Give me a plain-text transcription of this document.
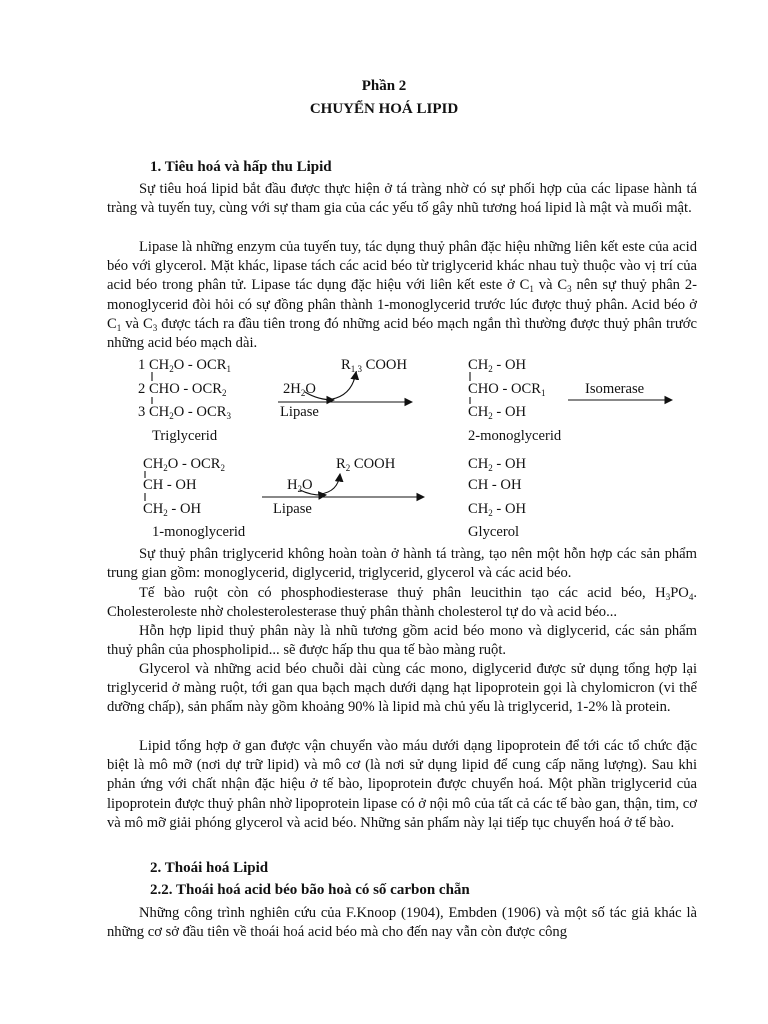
Phần 2
CHUYỂN HOÁ LIPID
1. Tiêu hoá và hấp thu Lipid
Sự tiêu hoá lipid bắt đầu được thực hiện ở tá tràng nhờ có sự phối hợp của các lipase hành tá tràng và tuyến tuy, cùng với sự tham gia của các yếu tố gây nhũ tương hoá lipid là mật và muối mật.
Lipase là những enzym của tuyến tuy, tác dụng thuỷ phân đặc hiệu những liên kết este của acid béo với glycerol. Mặt khác, lipase tách các acid béo từ triglycerid khác nhau tuỳ thuộc vào vị trí của acid béo trong phân tử. Lipase tác dụng đặc hiệu với liên kết este ở $C_1$ và $C_3$ nên sự thuỷ phân 2- monoglycerid đòi hỏi có sự đồng phân thành 1-monoglycerid trước lúc được thuỷ phân. Acid béo ở $C_1$ và $C_3$ được tách ra đầu tiên trong đó những acid béo mạch ngắn thì thường được thuỷ phân trước những acid béo mạch dài.
1 $CH_2O - OCR_1$
2 CHO - $OCR_2$
3 $CH_2O - OCR_3$
Triglycerid
$R_{1,3}$ COOH
$2H_2O$
Lipase
$CH_2$ - OH
CHO - $OCR_1$
$CH_2$ - OH
2-monoglycerid
Isomerase
$CH_2O - OCR_2$
CH - OH
$CH_2$ - OH
1-monoglycerid
$R_2$ COOH
$H_2O$
Lipase
$CH_2$ - OH
CH - OH
$CH_2$ - OH
Glycerol
Sự thuỷ phân triglycerid không hoàn toàn ở hành tá tràng, tạo nên một hỗn hợp các sản phẩm trung gian gồm: monoglycerid, diglycerid, triglycerid, glycerol và các acid béo.
Tế bào ruột còn có phosphodiesterase thuỷ phân leucithin tạo các acid béo, $H_3PO_4$. Cholesteroleste nhờ cholesterolesterase thuỷ phân thành cholesterol tự do và acid béo...
Hỗn hợp lipid thuỷ phân này là nhũ tương gồm acid béo mono và diglycerid, các sản phẩm thuỷ phân của phospholipid... sẽ được hấp thu qua tế bào màng ruột.
Glycerol và những acid béo chuỗi dài cùng các mono, diglycerid được sử dụng tổng hợp lại triglycerid ở màng ruột, tới gan qua bạch mạch dưới dạng hạt lipoprotein gọi là chylomicron (vi thể dưỡng chấp), sản phẩm này gồm khoảng 90% là lipid mà chủ yếu là triglycerid, 1-2% là protein.
Lipid tổng hợp ở gan được vận chuyển vào máu dưới dạng lipoprotein để tới các tổ chức đặc biệt là mô mỡ (nơi dự trữ lipid) và mô cơ (là nơi sử dụng lipid để cung cấp năng lượng). Sau khi phản ứng với chất nhận đặc hiệu ở tế bào, lipoprotein được chuyển hoá. Một phần triglycerid của lipoprotein được thuỷ phân nhờ lipoprotein lipase có ở nội mô của tất cả các tế bào gan, thận, tim, cơ và mô mỡ giải phóng glycerol và acid béo. Những sản phẩm này lại tiếp tục chuyển hoá ở tế bào.
2. Thoái hoá Lipid
2.2. Thoái hoá acid béo bão hoà có số carbon chẵn
Những công trình nghiên cứu của F.Knoop (1904), Embden (1906) và một số tác giả khác là những cơ sở đầu tiên về thoái hoá acid béo mà cho đến nay vẫn còn được công
